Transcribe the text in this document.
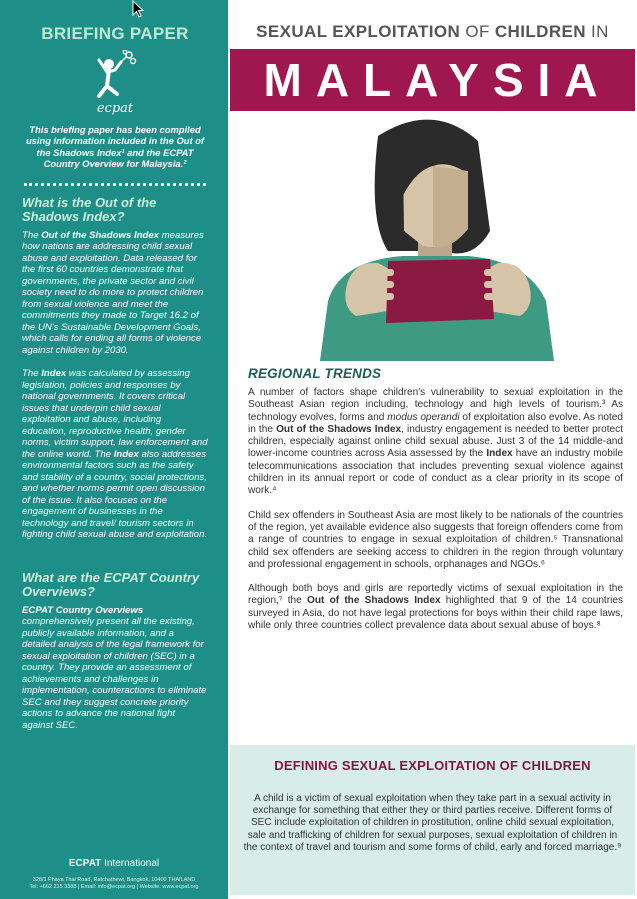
BRIEFING PAPER
ecpat
This briefing paper has been compiled using information included in the Out of the Shadows Index¹ and the ECPAT Country Overview for Malaysia.²
What is the Out of the Shadows Index?
The Out of the Shadows Index measures how nations are addressing child sexual abuse and exploitation. Data released for the first 60 countries demonstrate that governments, the private sector and civil society need to do more to protect children from sexual violence and meet the commitments they made to Target 16.2 of the UN's Sustainable Development Goals, which calls for ending all forms of violence against children by 2030.
The Index was calculated by assessing legislation, policies and responses by national governments. It covers critical issues that underpin child sexual exploitation and abuse, including education, reproductive health, gender norms, victim support, law enforcement and the online world. The Index also addresses environmental factors such as the safety and stability of a country, social protections, and whether norms permit open discussion of the issue. It also focuses on the engagement of businesses in the technology and travel/ tourism sectors in fighting child sexual abuse and exploitation.
What are the ECPAT Country Overviews?
ECPAT Country Overviews comprehensively present all the existing, publicly available information, and a detailed analysis of the legal framework for sexual exploitation of children (SEC) in a country. They provide an assessment of achievements and challenges in implementation, counteractions to eliminate SEC and they suggest concrete priority actions to advance the national fight against SEC.
ECPAT International
328/1 Phaya Thai Road, Ratchathewi, Bangkok, 10400 THAILAND
Tel: +662 215 3388 | Email: info@ecpat.org | Website: www.ecpat.org
SEXUAL EXPLOITATION OF CHILDREN IN
MALAYSIA
REGIONAL TRENDS
A number of factors shape children's vulnerability to sexual exploitation in the Southeast Asian region including, technology and high levels of tourism.³ As technology evolves, forms and modus operandi of exploitation also evolve. As noted in the Out of the Shadows Index, industry engagement is needed to better protect children, especially against online child sexual abuse. Just 3 of the 14 middle-and lower-income countries across Asia assessed by the Index have an industry mobile telecommunications association that includes preventing sexual violence against children in its annual report or code of conduct as a clear priority in its scope of work.⁴
Child sex offenders in Southeast Asia are most likely to be nationals of the countries of the region, yet available evidence also suggests that foreign offenders come from a range of countries to engage in sexual exploitation of children.⁵ Transnational child sex offenders are seeking access to children in the region through voluntary and professional engagement in schools, orphanages and NGOs.⁶
Although both boys and girls are reportedly victims of sexual exploitation in the region,⁷ the Out of the Shadows Index highlighted that 9 of the 14 countries surveyed in Asia, do not have legal protections for boys within their child rape laws, while only three countries collect prevalence data about sexual abuse of boys.⁸
DEFINING SEXUAL EXPLOITATION OF CHILDREN
A child is a victim of sexual exploitation when they take part in a sexual activity in exchange for something that either they or third parties receive. Different forms of SEC include exploitation of children in prostitution, online child sexual exploitation, sale and trafficking of children for sexual purposes, sexual exploitation of children in the context of travel and tourism and some forms of child, early and forced marriage.⁹
